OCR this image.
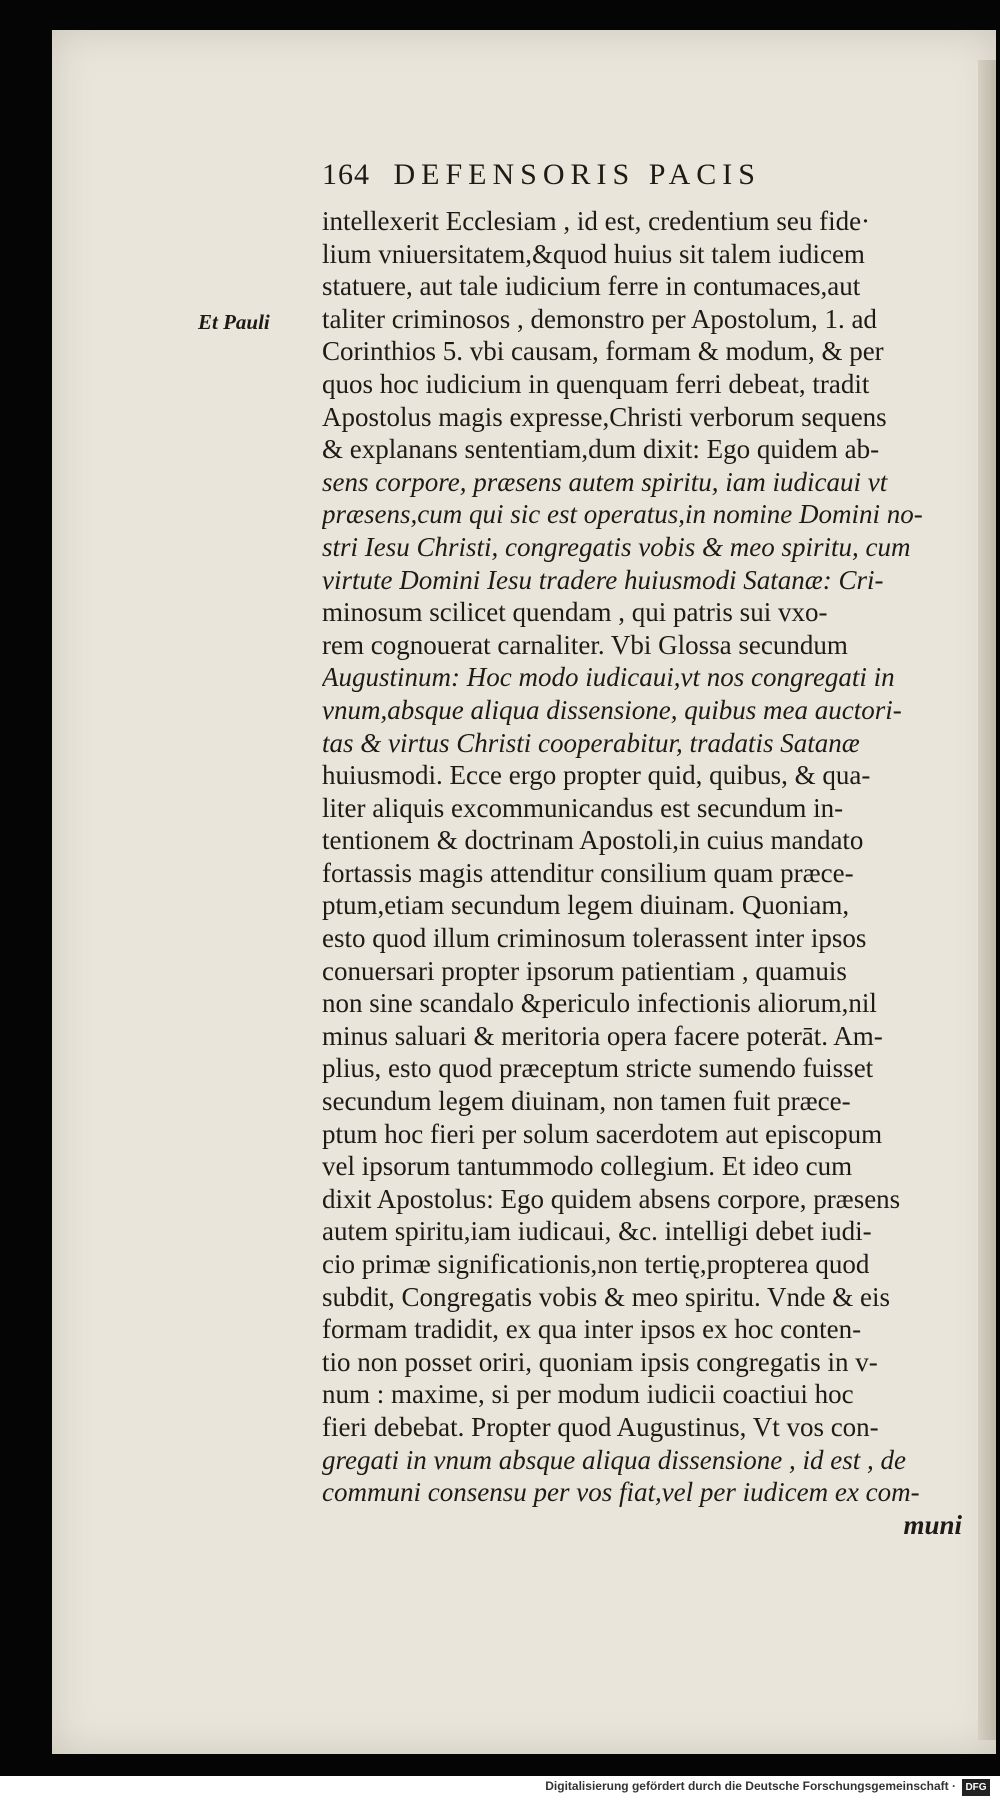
164 DEFENSORIS PACIS
Et Pauli
intellexerit Ecclesiam , id est, credentium seu fide·
lium vniuersitatem,&quod huius sit talem iudicem
statuere, aut tale iudicium ferre in contumaces,aut
taliter criminosos , demonstro per Apostolum, 1. ad
Corinthios 5. vbi causam, formam & modum, & per
quos hoc iudicium in quenquam ferri debeat, tradit
Apostolus magis expresse,Christi verborum sequens
& explanans sententiam,dum dixit: Ego quidem ab-
sens corpore, præsens autem spiritu, iam iudicaui vt
præsens,cum qui sic est operatus,in nomine Domini no-
stri Iesu Christi, congregatis vobis & meo spiritu, cum
virtute Domini Iesu tradere huiusmodi Satanæ: Cri-
minosum scilicet quendam , qui patris sui vxo-
rem cognouerat carnaliter. Vbi Glossa secundum
Augustinum: Hoc modo iudicaui,vt nos congregati in
vnum,absque aliqua dissensione, quibus mea auctori-
tas & virtus Christi cooperabitur, tradatis Satanæ
huiusmodi. Ecce ergo propter quid, quibus, & qua-
liter aliquis excommunicandus est secundum in-
tentionem & doctrinam Apostoli,in cuius mandato
fortassis magis attenditur consilium quam præce-
ptum,etiam secundum legem diuinam. Quoniam,
esto quod illum criminosum tolerassent inter ipsos
conuersari propter ipsorum patientiam , quamuis
non sine scandalo &periculo infectionis aliorum,nil
minus saluari & meritoria opera facere poterāt. Am-
plius, esto quod præceptum stricte sumendo fuisset
secundum legem diuinam, non tamen fuit præce-
ptum hoc fieri per solum sacerdotem aut episcopum
vel ipsorum tantummodo collegium. Et ideo cum
dixit Apostolus: Ego quidem absens corpore, præsens
autem spiritu,iam iudicaui, &c. intelligi debet iudi-
cio primæ significationis,non tertię,propterea quod
subdit, Congregatis vobis & meo spiritu. Vnde & eis
formam tradidit, ex qua inter ipsos ex hoc conten-
tio non posset oriri, quoniam ipsis congregatis in v-
num : maxime, si per modum iudicii coactiui hoc
fieri debebat. Propter quod Augustinus, Vt vos con-
gregati in vnum absque aliqua dissensione , id est , de
communi consensu per vos fiat,vel per iudicem ex com-
muni
Digitalisierung gefördert durch die Deutsche Forschungsgemeinschaft · DFG
